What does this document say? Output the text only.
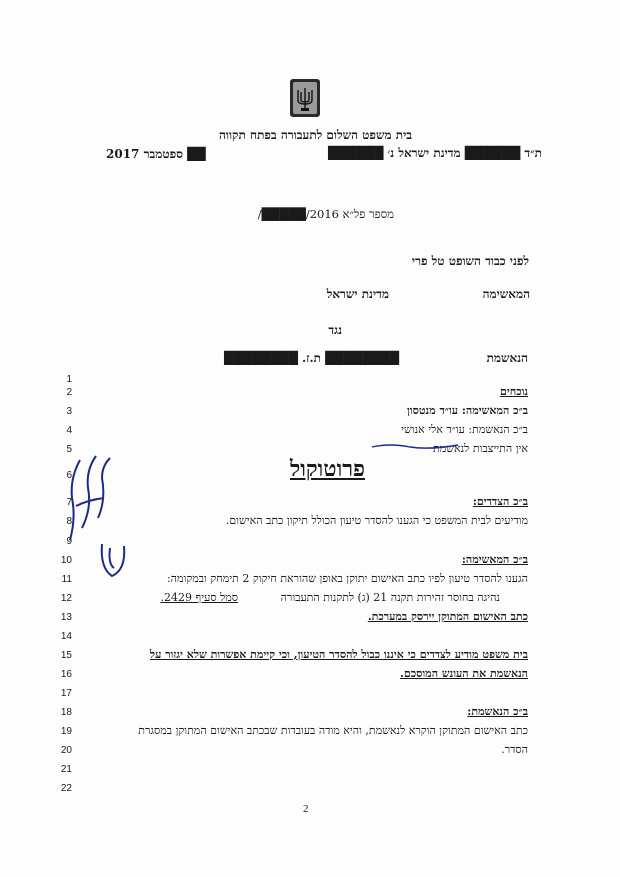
בית משפט השלום לתעבורה בפתח תקווה
ת״ד ██████ מדינת ישראל נ׳ ██████
██ ספטמבר 2017
מספר פל״א 2016/█████/
לפני כבוד השופט טל פרי
המאשימה
מדינת ישראל
נגד
הנאשמת
████████ ת.ז. ████████
1
2
3
4
5
6
7
8
9
10
11
12
13
14
15
16
17
18
19
20
21
22
נוכחים
ב״כ המאשימה: עו״ד מנטסון
ב״כ הנאשמת: עו״ד אלי אנושי
אין התייצבות לנאשמת
פרוטוקול
ב״כ הצדדים:
מודיעים לבית המשפט כי הגענו להסדר טיעון הכולל תיקון כתב האישום.
ב״כ המאשימה:
הגענו להסדר טיעון לפיו כתב האישום יתוקן באופן שהוראת חיקוק 2 תימחק ובמקומה:
נהיגה בחוסר זהירות תקנה 21 (ג) לתקנות התעבורה
סמל סעיף 2429.
כתב האישום המתוקן יירסק במערכת.
בית משפט מודיע לצדדים כי איננו כבול להסדר הטיעון, וכי קיימת אפשרות שלא יגזור על
הנאשמת את העונש המוסכם.
ב״כ הנאשמת:
כתב האישום המתוקן הוקרא לנאשמת, והיא מודה בעובדות שבכתב האישום המתוקן במסגרת
הסדר.
2
